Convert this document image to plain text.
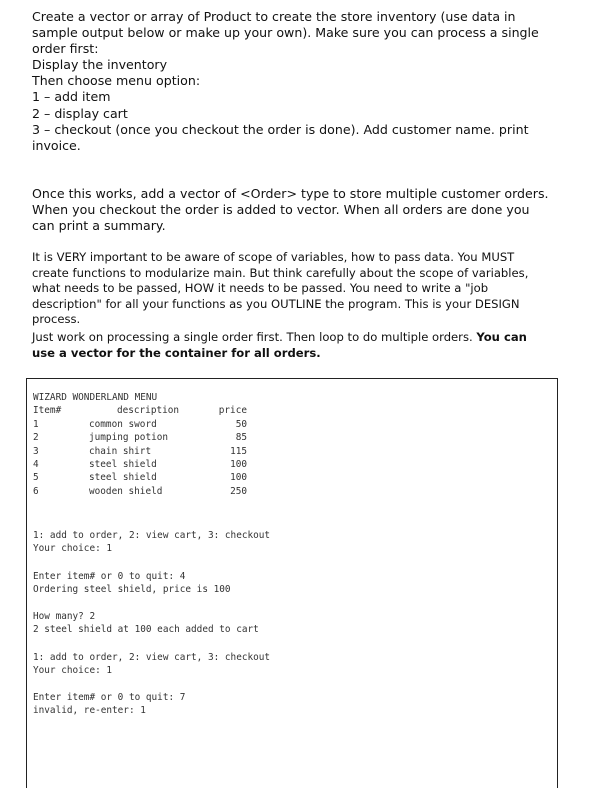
Create a vector or array of Product to create the store inventory (use data in sample output below or make up your own). Make sure you can process a single order first:

Display the inventory

Then choose menu option:

1 – add item

2 – display cart

3 – checkout (once you checkout the order is done). Add customer name. print invoice.

Once this works, add a vector of <Order> type to store multiple customer orders. When you checkout the order is added to vector. When all orders are done you can print a summary.

It is VERY important to be aware of scope of variables, how to pass data. You MUST create functions to modularize main. But think carefully about the scope of variables, what needs to be passed, HOW it needs to be passed. You need to write a "job description" for all your functions as you OUTLINE the program. This is your DESIGN process.

Just work on processing a single order first. Then loop to do multiple orders. You can use a vector for the container for all orders.

WIZARD WONDERLAND MENU
Item#	description	price
1	common sword	50
2	jumping potion	85
3	chain shirt	115
4	steel shield	100
5	steel shield	100
6	wooden shield	250
1: add to order, 2: view cart, 3: checkout
Your choice: 1
Enter item# or 0 to quit: 4
Ordering steel shield, price is 100
How many? 2
2 steel shield at 100 each added to cart
1: add to order, 2: view cart, 3: checkout
Your choice: 1
Enter item# or 0 to quit: 7
invalid, re-enter: 1
